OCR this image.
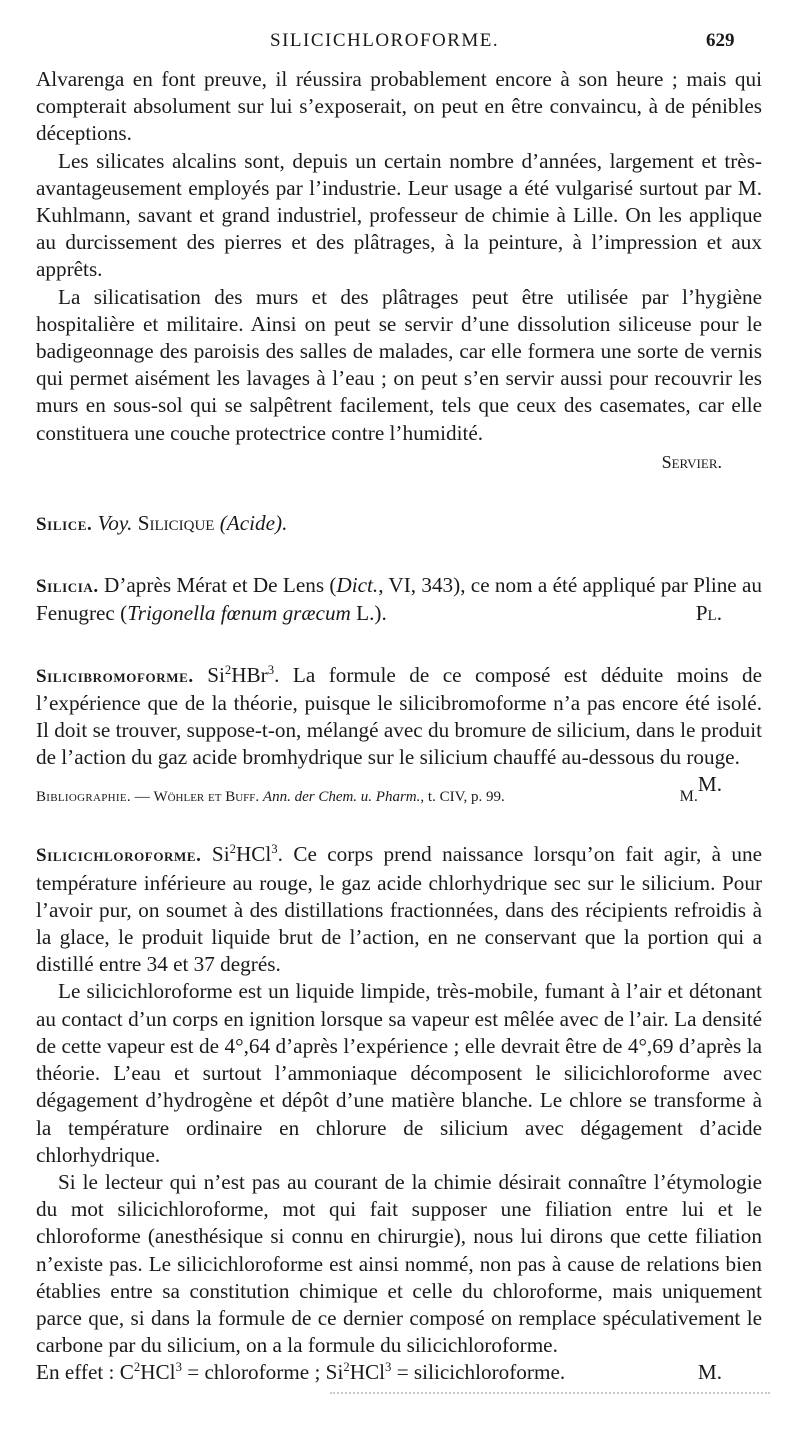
SILICICHLOROFORME.	629

Alvarenga en font preuve, il réussira probablement encore à son heure ; mais qui compterait absolument sur lui s’exposerait, on peut en être convaincu, à de pénibles déceptions.

Les silicates alcalins sont, depuis un certain nombre d’années, largement et très-avantageusement employés par l’industrie. Leur usage a été vulgarisé surtout par M. Kuhlmann, savant et grand industriel, professeur de chimie à Lille. On les applique au durcissement des pierres et des plâtrages, à la peinture, à l’impression et aux apprêts.

La silicatisation des murs et des plâtrages peut être utilisée par l’hygiène hospitalière et militaire. Ainsi on peut se servir d’une dissolution siliceuse pour le badigeonnage des paroisis des salles de malades, car elle formera une sorte de vernis qui permet aisément les lavages à l’eau ; on peut s’en servir aussi pour recouvrir les murs en sous-sol qui se salpêtrent facilement, tels que ceux des casemates, car elle constituera une couche protectrice contre l’humidité.

Servier.

Silice. Voy. Silicique (Acide).

Silicia. D’après Mérat et De Lens (Dict., VI, 343), ce nom a été appliqué par Pline au Fenugrec (Trigonella fœnum græcum L.).	Pl.

Silicibromoforme. Si$^2$HBr$^3$. La formule de ce composé est déduite moins de l’expérience que de la théorie, puisque le silicibromoforme n’a pas encore été isolé. Il doit se trouver, suppose-t-on, mélangé avec du bromure de silicium, dans le produit de l’action du gaz acide bromhydrique sur le silicium chauffé au-dessous du rouge.
M.

Bibliographie. — Wöhler et Buff. Ann. der Chem. u. Pharm., t. CIV, p. 99.	M.

Silicichloroforme. Si$^2$HCl$^3$. Ce corps prend naissance lorsqu’on fait agir, à une température inférieure au rouge, le gaz acide chlorhydrique sec sur le silicium. Pour l’avoir pur, on soumet à des distillations fractionnées, dans des récipients refroidis à la glace, le produit liquide brut de l’action, en ne conservant que la portion qui a distillé entre 34 et 37 degrés.

Le silicichloroforme est un liquide limpide, très-mobile, fumant à l’air et détonant au contact d’un corps en ignition lorsque sa vapeur est mêlée avec de l’air. La densité de cette vapeur est de 4°,64 d’après l’expérience ; elle devrait être de 4°,69 d’après la théorie. L’eau et surtout l’ammoniaque décomposent le silicichloroforme avec dégagement d’hydrogène et dépôt d’une matière blanche. Le chlore se transforme à la température ordinaire en chlorure de silicium avec dégagement d’acide chlorhydrique.

Si le lecteur qui n’est pas au courant de la chimie désirait connaître l’étymologie du mot silicichloroforme, mot qui fait supposer une filiation entre lui et le chloroforme (anesthésique si connu en chirurgie), nous lui dirons que cette filiation n’existe pas. Le silicichloroforme est ainsi nommé, non pas à cause de relations bien établies entre sa constitution chimique et celle du chloroforme, mais uniquement parce que, si dans la formule de ce dernier composé on remplace spéculativement le carbone par du silicium, on a la formule du silicichloroforme.

En effet : $C^2HCl^3$ = chloroforme ; $Si^2HCl^3$ = silicichloroforme.	M.
